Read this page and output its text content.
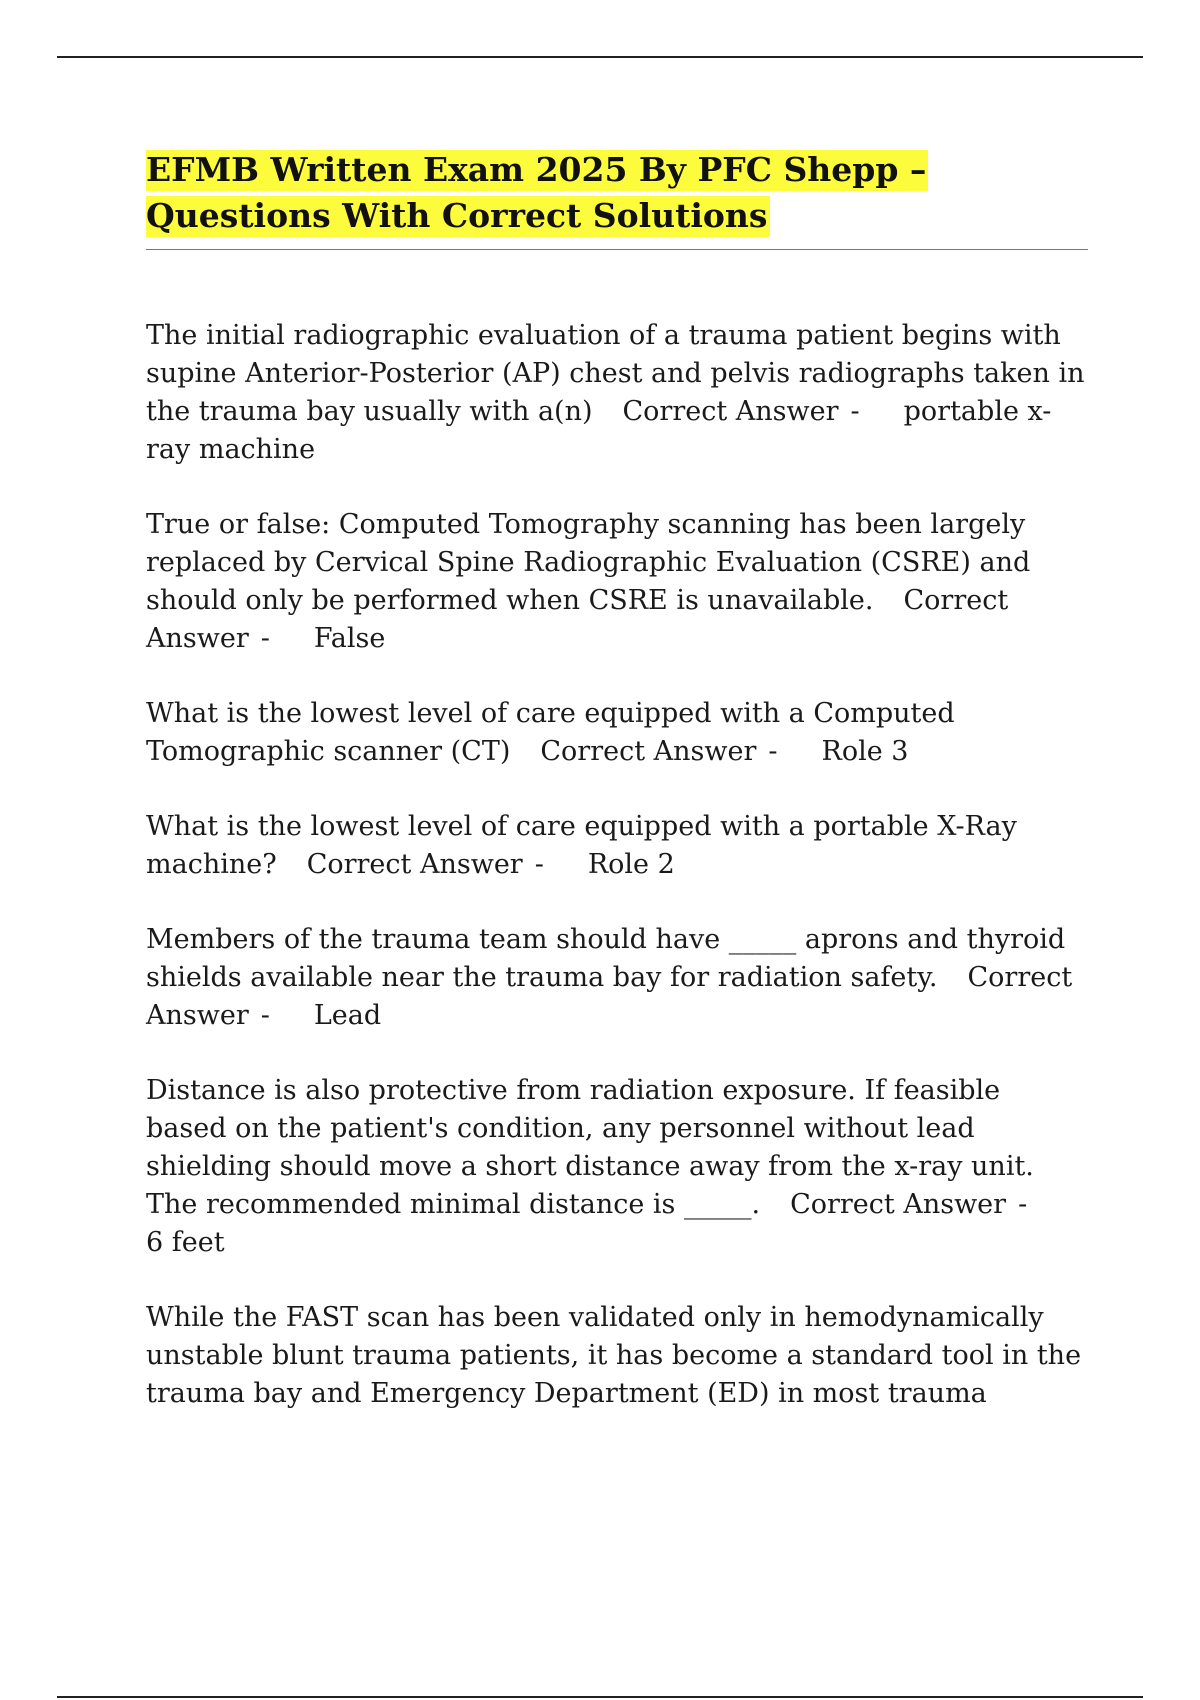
EFMB Written Exam 2025 By PFC Shepp – Questions With Correct Solutions
The initial radiographic evaluation of a trauma patient begins with supine Anterior-Posterior (AP) chest and pelvis radiographs taken in the trauma bay usually with a(n) Correct Answer - portable x-ray machine
True or false: Computed Tomography scanning has been largely replaced by Cervical Spine Radiographic Evaluation (CSRE) and should only be performed when CSRE is unavailable. Correct Answer - False
What is the lowest level of care equipped with a Computed Tomographic scanner (CT) Correct Answer - Role 3
What is the lowest level of care equipped with a portable X-Ray machine? Correct Answer - Role 2
Members of the trauma team should have _____ aprons and thyroid shields available near the trauma bay for radiation safety. Correct Answer - Lead
Distance is also protective from radiation exposure. If feasible based on the patient's condition, any personnel without lead shielding should move a short distance away from the x-ray unit. The recommended minimal distance is _____. Correct Answer -6 feet
While the FAST scan has been validated only in hemodynamically unstable blunt trauma patients, it has become a standard tool in the trauma bay and Emergency Department (ED) in most trauma
